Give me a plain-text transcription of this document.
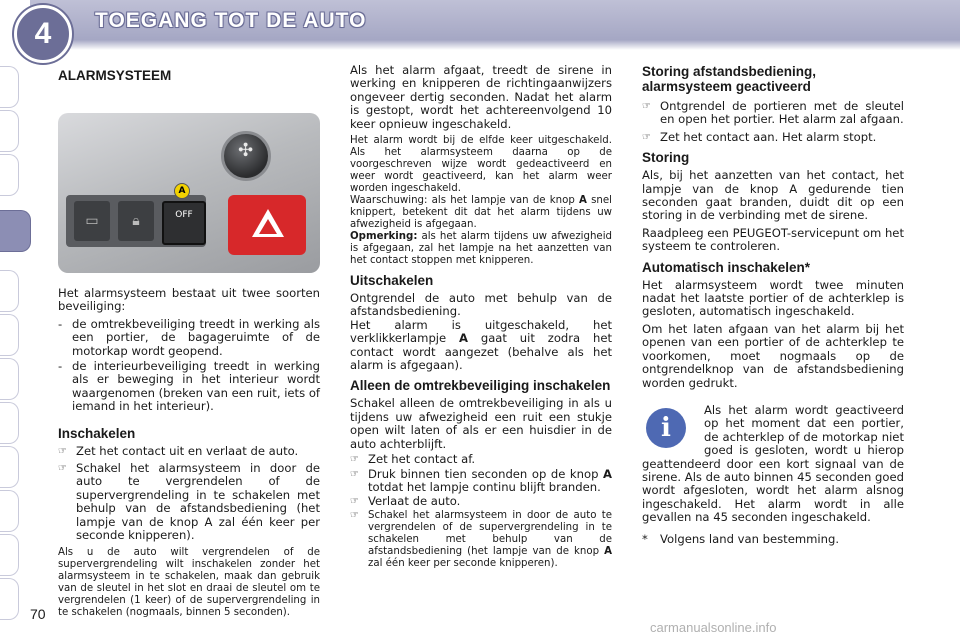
4	TOEGANG TOT DE AUTO
ALARMSYSTEEM
✣
▭	🔒︎	OFF
A

Het alarmsysteem bestaat uit twee soorten beveiliging:

- de omtrekbeveiliging treedt in werking als een portier, de bagageruimte of de motorkap wordt geopend.
- de interieurbeveiliging treedt in werking als er beweging in het interieur wordt waargenomen (breken van een ruit, iets of iemand in het interieur).
Inschakelen
☞ Zet het contact uit en verlaat de auto.
☞ Schakel het alarmsysteem in door de auto te vergrendelen of de supervergrendeling in te schakelen met behulp van de afstandsbediening (het lampje van de knop A zal één keer per seconde knipperen).

Als u de auto wilt vergrendelen of de supervergrendeling wilt inschakelen zonder het alarmsysteem in te schakelen, maak dan gebruik van de sleutel in het slot en draai de sleutel om te vergrendelen (1 keer) of de supervergrendeling in te schakelen (nogmaals, binnen 5 seconden).

Als het alarm afgaat, treedt de sirene in werking en knipperen de richtingaanwijzers ongeveer dertig seconden. Nadat het alarm is gestopt, wordt het achtereenvolgend 10 keer opnieuw ingeschakeld.

Het alarm wordt bij de elfde keer uitgeschakeld. Als het alarmsysteem daarna op de voorgeschreven wijze wordt gedeactiveerd en weer wordt geactiveerd, kan het alarm weer worden ingeschakeld.

Waarschuwing: als het lampje van de knop A snel knippert, betekent dit dat het alarm tijdens uw afwezigheid is afgegaan.

Opmerking: als het alarm tijdens uw afwezigheid is afgegaan, zal het lampje na het aanzetten van het contact stoppen met knipperen.

Uitschakelen

Ontgrendel de auto met behulp van de afstandsbediening.

Het alarm is uitgeschakeld, het verklikkerlampje A gaat uit zodra het contact wordt aangezet (behalve als het alarm is afgegaan).

Alleen de omtrekbeveiliging inschakelen

Schakel alleen de omtrekbeveiliging in als u tijdens uw afwezigheid een ruit een stukje open wilt laten of als er een huisdier in de auto achterblijft.

☞ Zet het contact af.
☞ Druk binnen tien seconden op de knop A totdat het lampje continu blijft branden.
☞ Verlaat de auto.
☞ Schakel het alarmsysteem in door de auto te vergrendelen of de supervergrendeling in te schakelen met behulp van de afstandsbediening (het lampje van de knop A zal één keer per seconde knipperen).
Storing afstandsbediening, alarmsysteem geactiveerd
☞ Ontgrendel de portieren met de sleutel en open het portier. Het alarm zal afgaan.
☞ Zet het contact aan. Het alarm stopt.
Storing

Als, bij het aanzetten van het contact, het lampje van de knop A gedurende tien seconden gaat branden, duidt dit op een storing in de verbinding met de sirene.

Raadpleeg een PEUGEOT-servicepunt om het systeem te controleren.

Automatisch inschakelen*

Het alarmsysteem wordt twee minuten nadat het laatste portier of de achterklep is gesloten, automatisch ingeschakeld.

Om het laten afgaan van het alarm bij het openen van een portier of de achterklep te voorkomen, moet nogmaals op de ontgrendelknop van de afstandsbediening worden gedrukt.

i

Als het alarm wordt geactiveerd op het moment dat een portier, de achterklep of de motorkap niet goed is gesloten, wordt u hierop geattendeerd door een kort signaal van de sirene. Als de auto binnen 45 seconden goed wordt afgesloten, wordt het alarm alsnog ingeschakeld. Het alarm wordt in alle gevallen na 45 seconden ingeschakeld.

*	Volgens land van bestemming.
70
carmanualsonline.info
